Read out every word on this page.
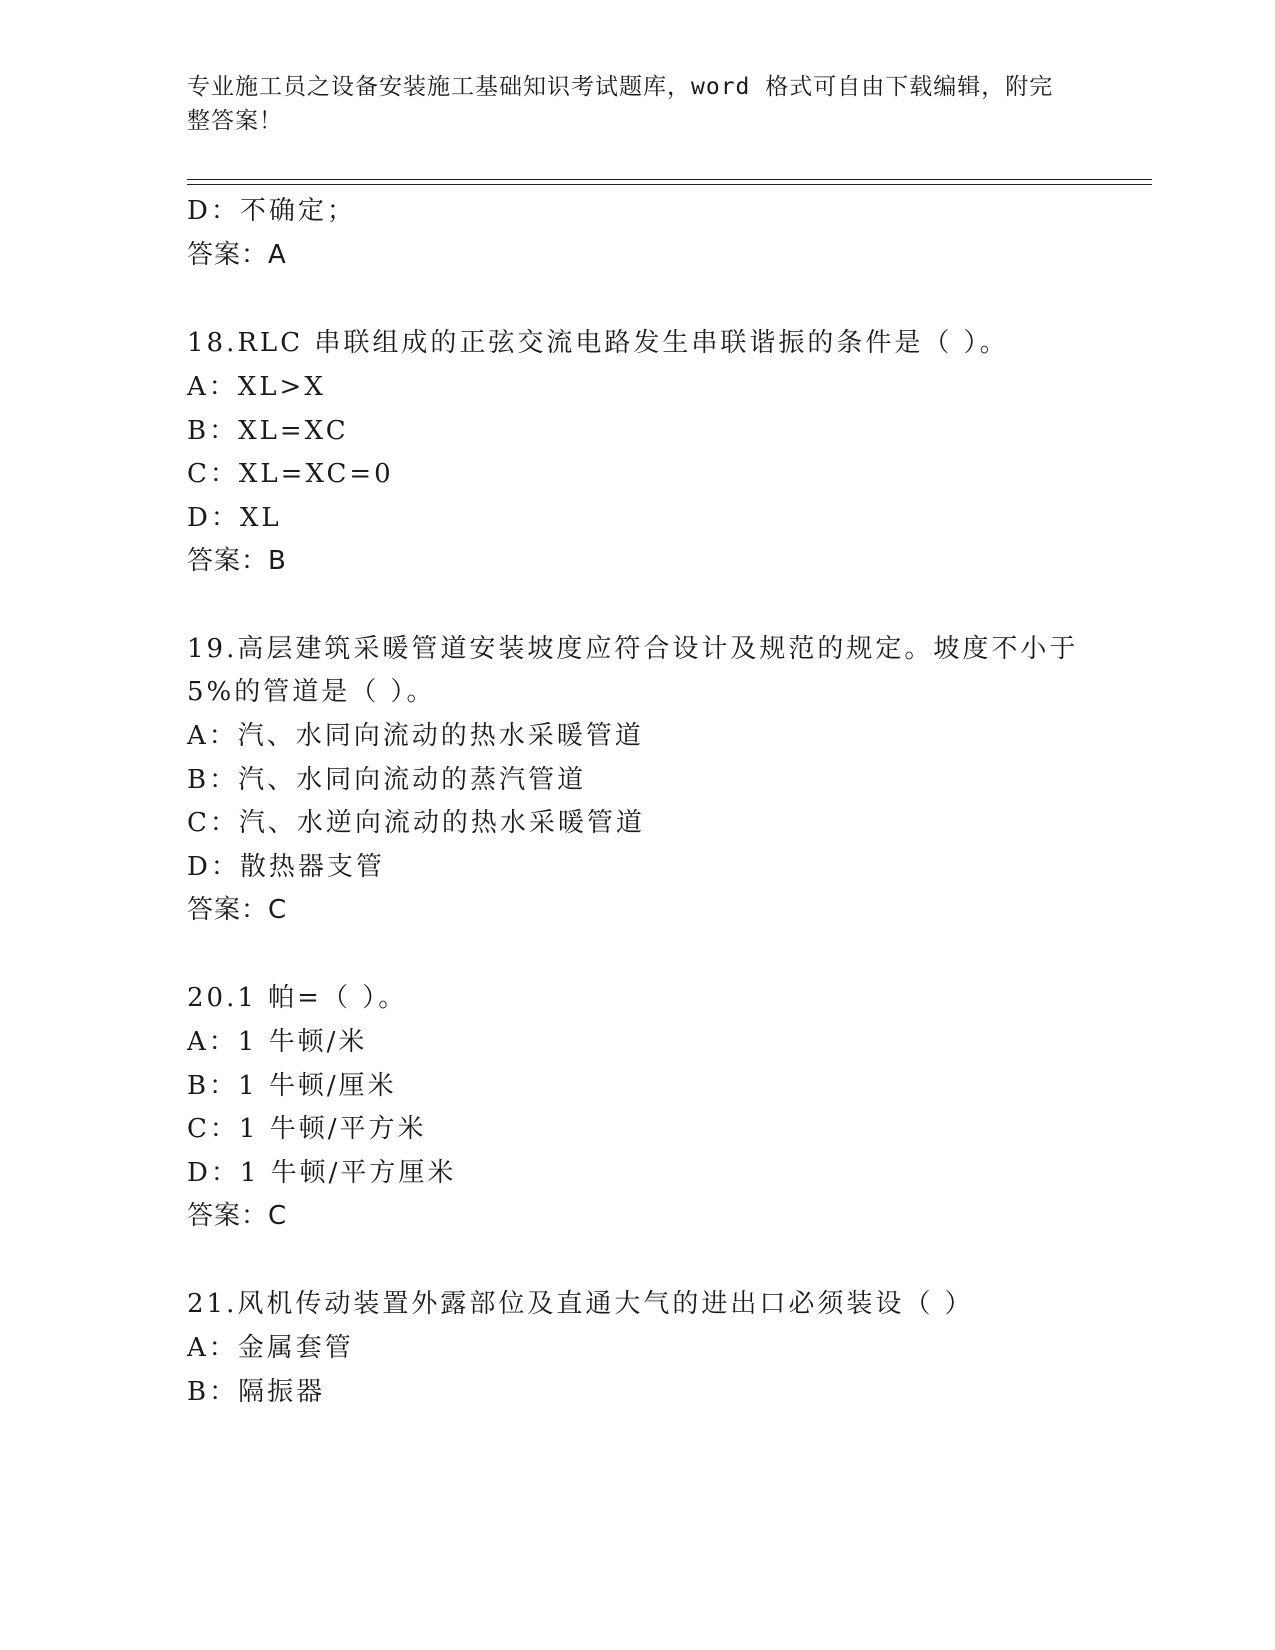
专业施工员之设备安装施工基础知识考试题库，word 格式可自由下载编辑，附完
整答案！
D：不确定；
答案：A
18.RLC 串联组成的正弦交流电路发生串联谐振的条件是（ ）。
A：XL>X
B：XL=XC
C：XL=XC=0
D：XL
答案：B
19.高层建筑采暖管道安装坡度应符合设计及规范的规定。坡度不小于
5%的管道是（ ）。
A：汽、水同向流动的热水采暖管道
B：汽、水同向流动的蒸汽管道
C：汽、水逆向流动的热水采暖管道
D：散热器支管
答案：C
20.1 帕=（ ）。
A：1 牛顿/米
B：1 牛顿/厘米
C：1 牛顿/平方米
D：1 牛顿/平方厘米
答案：C
21.风机传动装置外露部位及直通大气的进出口必须装设（ ）
A：金属套管
B：隔振器
